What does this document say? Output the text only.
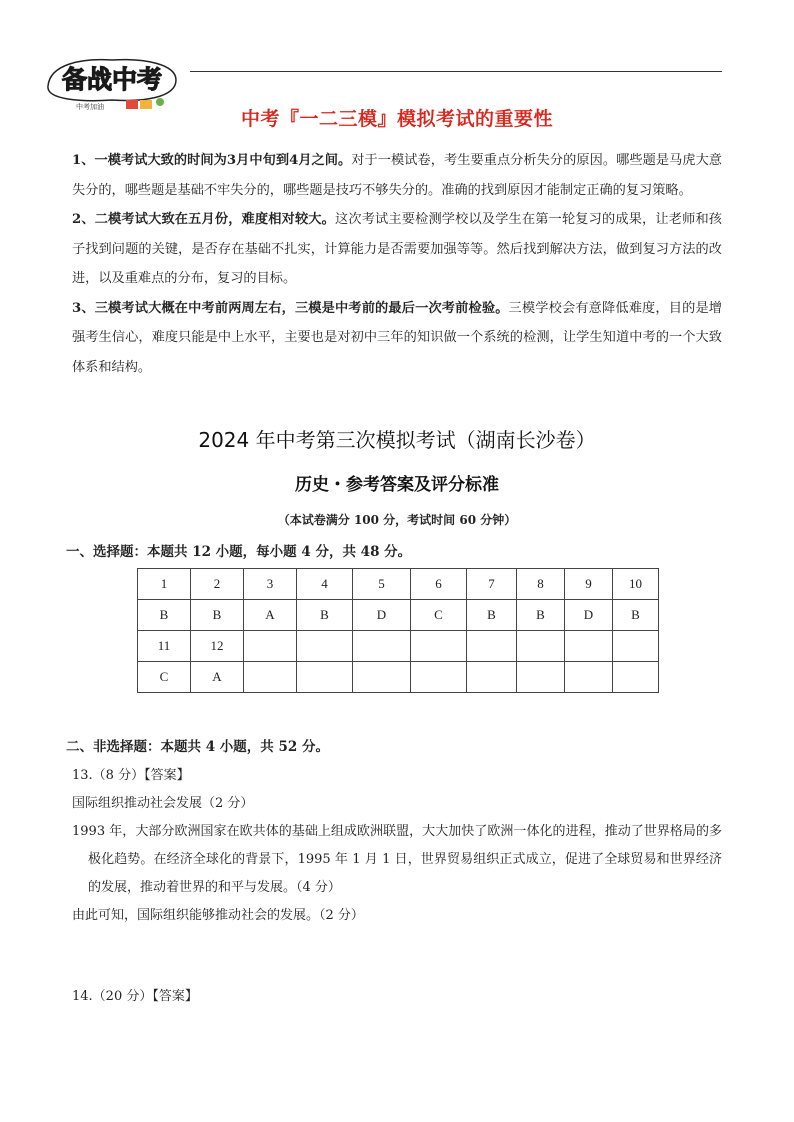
备战中考
中考加油
中考『一二三模』模拟考试的重要性

1、一模考试大致的时间为3月中旬到4月之间。对于一模试卷，考生要重点分析失分的原因。哪些题是马虎大意失分的，哪些题是基础不牢失分的，哪些题是技巧不够失分的。准确的找到原因才能制定正确的复习策略。

2、二模考试大致在五月份，难度相对较大。这次考试主要检测学校以及学生在第一轮复习的成果，让老师和孩子找到问题的关键，是否存在基础不扎实，计算能力是否需要加强等等。然后找到解决方法，做到复习方法的改进，以及重难点的分布，复习的目标。

3、三模考试大概在中考前两周左右，三模是中考前的最后一次考前检验。三模学校会有意降低难度，目的是增强考生信心，难度只能是中上水平，主要也是对初中三年的知识做一个系统的检测，让学生知道中考的一个大致体系和结构。

2024 年中考第三次模拟考试（湖南长沙卷）
历史・参考答案及评分标准
（本试卷满分 100 分，考试时间 60 分钟）
一、选择题：本题共 12 小题，每小题 4 分，共 48 分。
1	2	3	4	5	6	7	8	9	10
B	B	A	B	D	C	B	B	D	B
11	12								
C	A								
二、非选择题：本题共 4 小题，共 52 分。

13.（8 分）【答案】

国际组织推动社会发展（2 分）

1993 年，大部分欧洲国家在欧共体的基础上组成欧洲联盟，大大加快了欧洲一体化的进程，推动了世界格局的多极化趋势。在经济全球化的背景下，1995 年 1 月 1 日，世界贸易组织正式成立，促进了全球贸易和世界经济的发展，推动着世界的和平与发展。（4 分）

由此可知，国际组织能够推动社会的发展。（2 分）

14.（20 分）【答案】
